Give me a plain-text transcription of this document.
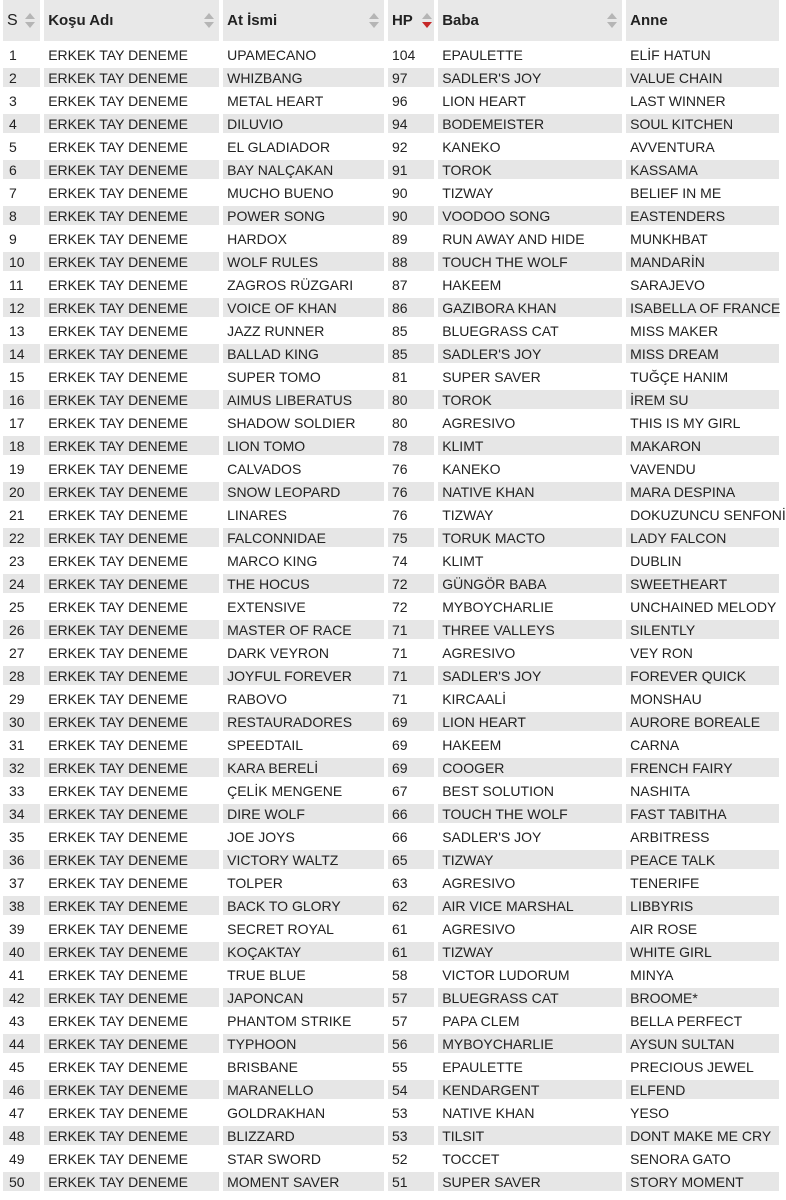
S	Koşu Adı	At İsmi	HP	Baba	Anne
1	ERKEK TAY DENEME	UPAMECANO	104	EPAULETTE	ELİF HATUN
2	ERKEK TAY DENEME	WHIZBANG	97	SADLER'S JOY	VALUE CHAIN
3	ERKEK TAY DENEME	METAL HEART	96	LION HEART	LAST WINNER
4	ERKEK TAY DENEME	DILUVIO	94	BODEMEISTER	SOUL KITCHEN
5	ERKEK TAY DENEME	EL GLADIADOR	92	KANEKO	AVVENTURA
6	ERKEK TAY DENEME	BAY NALÇAKAN	91	TOROK	KASSAMA
7	ERKEK TAY DENEME	MUCHO BUENO	90	TIZWAY	BELIEF IN ME
8	ERKEK TAY DENEME	POWER SONG	90	VOODOO SONG	EASTENDERS
9	ERKEK TAY DENEME	HARDOX	89	RUN AWAY AND HIDE	MUNKHBAT
10	ERKEK TAY DENEME	WOLF RULES	88	TOUCH THE WOLF	MANDARİN
11	ERKEK TAY DENEME	ZAGROS RÜZGARI	87	HAKEEM	SARAJEVO
12	ERKEK TAY DENEME	VOICE OF KHAN	86	GAZIBORA KHAN	ISABELLA OF FRANCE
13	ERKEK TAY DENEME	JAZZ RUNNER	85	BLUEGRASS CAT	MISS MAKER
14	ERKEK TAY DENEME	BALLAD KING	85	SADLER'S JOY	MISS DREAM
15	ERKEK TAY DENEME	SUPER TOMO	81	SUPER SAVER	TUĞÇE HANIM
16	ERKEK TAY DENEME	AIMUS LIBERATUS	80	TOROK	İREM SU
17	ERKEK TAY DENEME	SHADOW SOLDIER	80	AGRESIVO	THIS IS MY GIRL
18	ERKEK TAY DENEME	LION TOMO	78	KLIMT	MAKARON
19	ERKEK TAY DENEME	CALVADOS	76	KANEKO	VAVENDU
20	ERKEK TAY DENEME	SNOW LEOPARD	76	NATIVE KHAN	MARA DESPINA
21	ERKEK TAY DENEME	LINARES	76	TIZWAY	DOKUZUNCU SENFONİ
22	ERKEK TAY DENEME	FALCONNIDAE	75	TORUK MACTO	LADY FALCON
23	ERKEK TAY DENEME	MARCO KING	74	KLIMT	DUBLIN
24	ERKEK TAY DENEME	THE HOCUS	72	GÜNGÖR BABA	SWEETHEART
25	ERKEK TAY DENEME	EXTENSIVE	72	MYBOYCHARLIE	UNCHAINED MELODY
26	ERKEK TAY DENEME	MASTER OF RACE	71	THREE VALLEYS	SILENTLY
27	ERKEK TAY DENEME	DARK VEYRON	71	AGRESIVO	VEY RON
28	ERKEK TAY DENEME	JOYFUL FOREVER	71	SADLER'S JOY	FOREVER QUICK
29	ERKEK TAY DENEME	RABOVO	71	KIRCAALİ	MONSHAU
30	ERKEK TAY DENEME	RESTAURADORES	69	LION HEART	AURORE BOREALE
31	ERKEK TAY DENEME	SPEEDTAIL	69	HAKEEM	CARNA
32	ERKEK TAY DENEME	KARA BERELİ	69	COOGER	FRENCH FAIRY
33	ERKEK TAY DENEME	ÇELİK MENGENE	67	BEST SOLUTION	NASHITA
34	ERKEK TAY DENEME	DIRE WOLF	66	TOUCH THE WOLF	FAST TABITHA
35	ERKEK TAY DENEME	JOE JOYS	66	SADLER'S JOY	ARBITRESS
36	ERKEK TAY DENEME	VICTORY WALTZ	65	TIZWAY	PEACE TALK
37	ERKEK TAY DENEME	TOLPER	63	AGRESIVO	TENERIFE
38	ERKEK TAY DENEME	BACK TO GLORY	62	AIR VICE MARSHAL	LIBBYRIS
39	ERKEK TAY DENEME	SECRET ROYAL	61	AGRESIVO	AIR ROSE
40	ERKEK TAY DENEME	KOÇAKTAY	61	TIZWAY	WHITE GIRL
41	ERKEK TAY DENEME	TRUE BLUE	58	VICTOR LUDORUM	MINYA
42	ERKEK TAY DENEME	JAPONCAN	57	BLUEGRASS CAT	BROOME*
43	ERKEK TAY DENEME	PHANTOM STRIKE	57	PAPA CLEM	BELLA PERFECT
44	ERKEK TAY DENEME	TYPHOON	56	MYBOYCHARLIE	AYSUN SULTAN
45	ERKEK TAY DENEME	BRISBANE	55	EPAULETTE	PRECIOUS JEWEL
46	ERKEK TAY DENEME	MARANELLO	54	KENDARGENT	ELFEND
47	ERKEK TAY DENEME	GOLDRAKHAN	53	NATIVE KHAN	YESO
48	ERKEK TAY DENEME	BLIZZARD	53	TILSIT	DONT MAKE ME CRY
49	ERKEK TAY DENEME	STAR SWORD	52	TOCCET	SENORA GATO
50	ERKEK TAY DENEME	MOMENT SAVER	51	SUPER SAVER	STORY MOMENT
